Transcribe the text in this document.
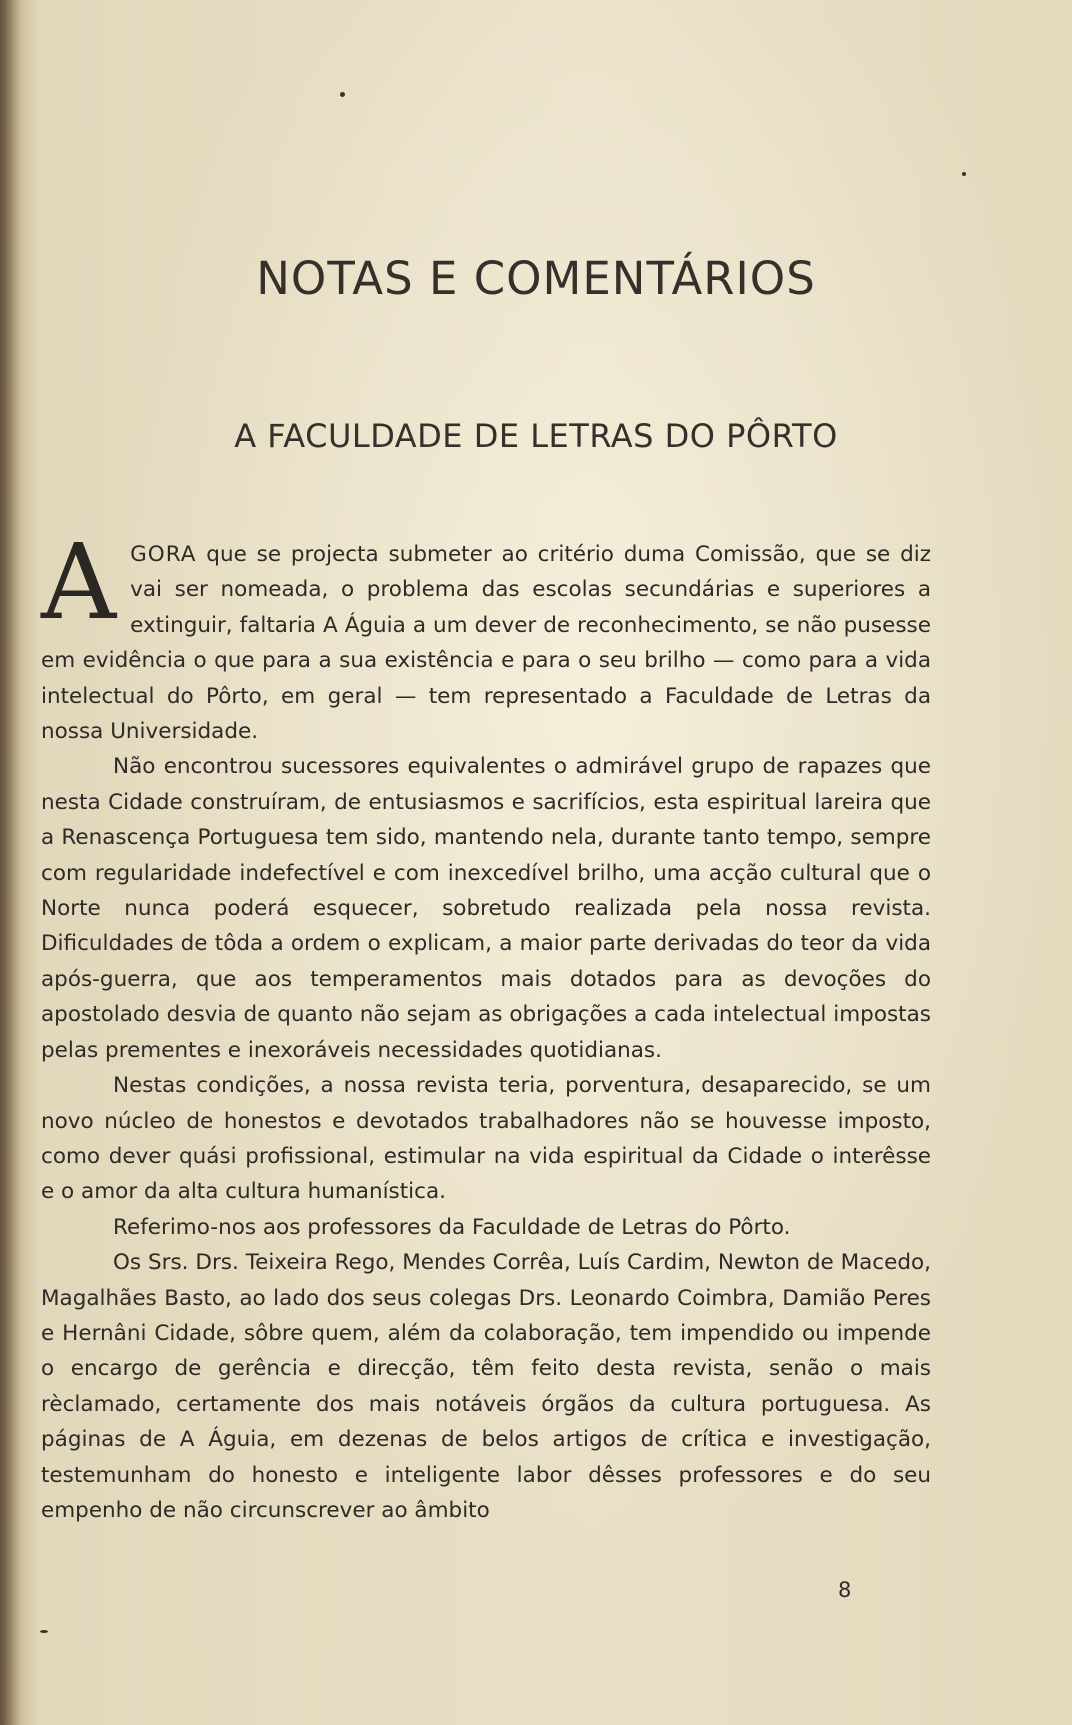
NOTAS E COMENTÁRIOS
A FACULDADE DE LETRAS DO PÔRTO

AGORA que se projecta submeter ao critério duma Comissão, que se diz vai ser nomeada, o problema das escolas secundárias e superiores a extinguir, faltaria A Águia a um dever de reconhecimento, se não pusesse em evidência o que para a sua existência e para o seu brilho — como para a vida intelectual do Pôrto, em geral — tem representado a Faculdade de Letras da nossa Universidade.

Não encontrou sucessores equivalentes o admirável grupo de rapazes que nesta Cidade construíram, de entusiasmos e sacrifícios, esta espiritual lareira que a Renascença Portuguesa tem sido, mantendo nela, durante tanto tempo, sempre com regularidade indefectível e com inexcedível brilho, uma acção cultural que o Norte nunca poderá esquecer, sobretudo realizada pela nossa revista. Dificuldades de tôda a ordem o explicam, a maior parte derivadas do teor da vida após-guerra, que aos temperamentos mais dotados para as devoções do apostolado desvia de quanto não sejam as obrigações a cada intelectual impostas pelas prementes e inexoráveis necessidades quotidianas.

Nestas condições, a nossa revista teria, porventura, desaparecido, se um novo núcleo de honestos e devotados trabalhadores não se houvesse imposto, como dever quási profissional, estimular na vida espiritual da Cidade o interêsse e o amor da alta cultura humanística.

Referimo-nos aos professores da Faculdade de Letras do Pôrto.

Os Srs. Drs. Teixeira Rego, Mendes Corrêa, Luís Cardim, Newton de Macedo, Magalhães Basto, ao lado dos seus colegas Drs. Leonardo Coimbra, Damião Peres e Hernâni Cidade, sôbre quem, além da colaboração, tem impendido ou impende o encargo de gerência e direcção, têm feito desta revista, senão o mais rèclamado, certamente dos mais notáveis órgãos da cultura portuguesa. As páginas de A Águia, em dezenas de belos artigos de crítica e investigação, testemunham do honesto e inteligente labor dêsses professores e do seu empenho de não circunscrever ao âmbito

8
